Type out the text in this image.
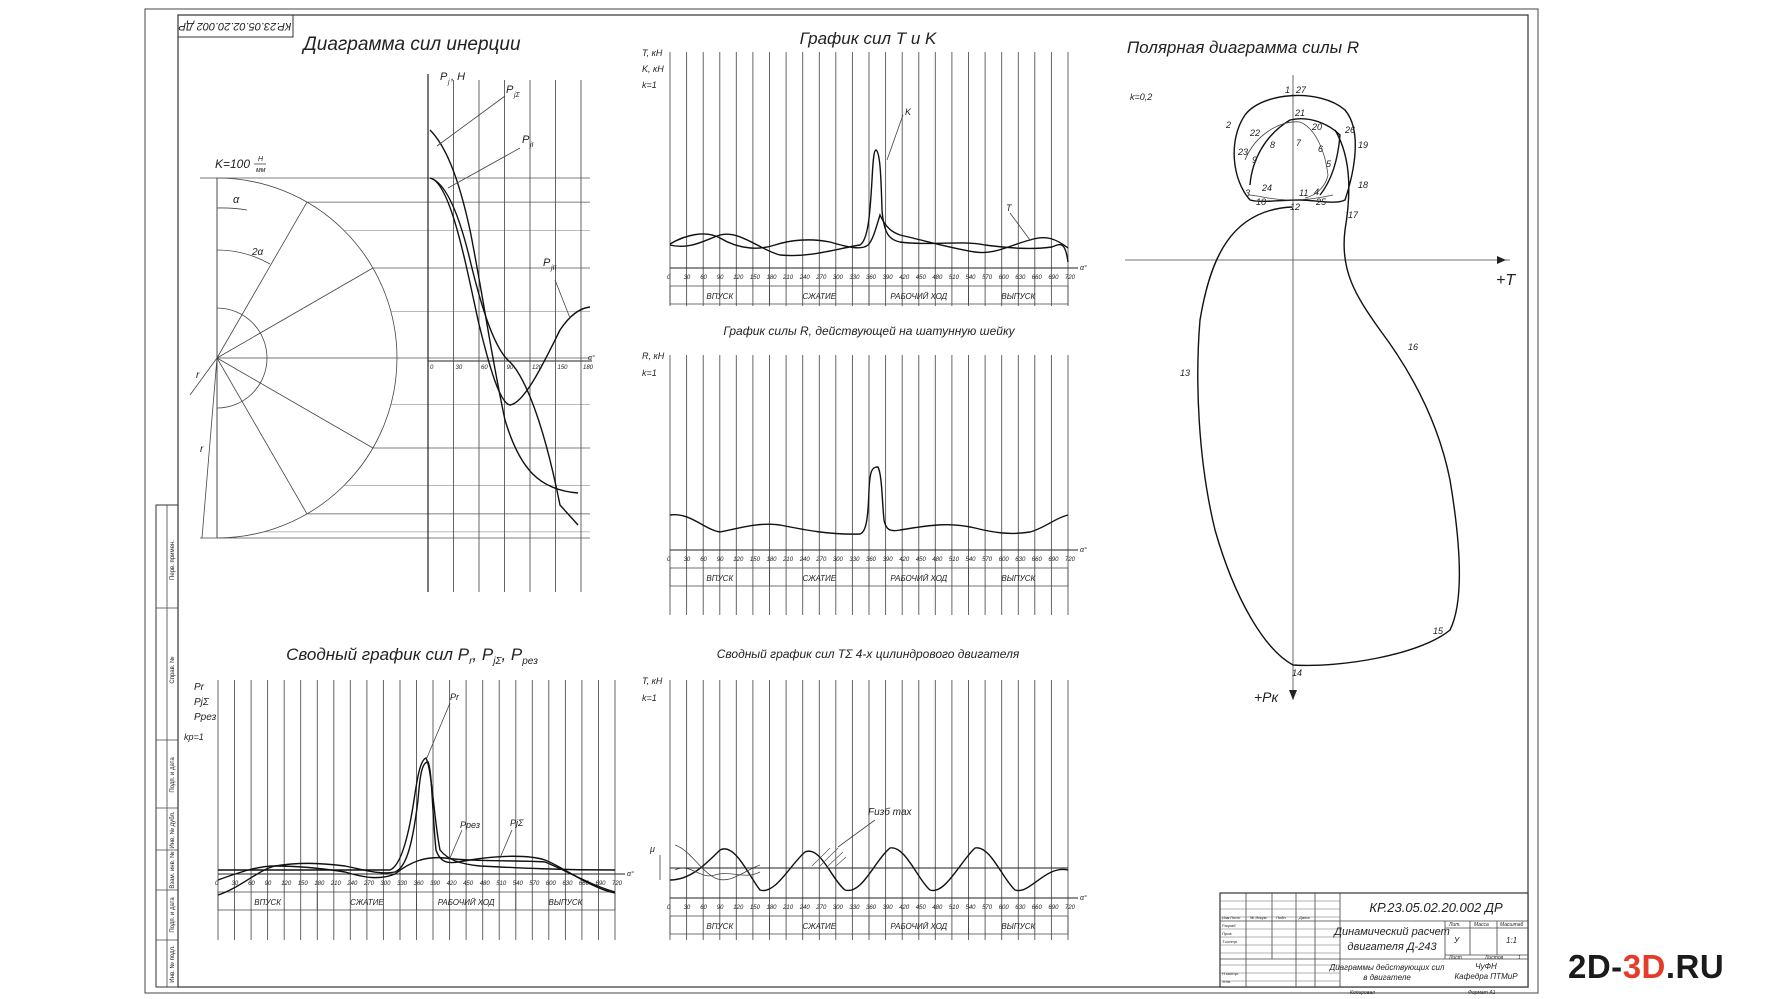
КР.23.05.02.20.002 ДР
Перв. примен.
Справ. №
Подп. и дата
Инв. № дубл.
Взам. инв. №
Подп. и дата
Инв. № подл.
Диаграмма сил инерции
K=100 Н
мм
α
2α
r
r
P j , Н
0	30	60	90	120	150	180
α°
P jΣ
P jI
P jII
График сил T и K
T, кН
K, кН
k=1
0 30 60 90 120 150 180 210 240 270 300 330 360 390 420 450 480 510 540 570 600 630 660 690 720
α°
ВПУСК	СЖАТИЕ	РАБОЧИЙ ХОД	ВЫПУСК
K
T
График силы R, действующей на шатунную шейку
R, кН
k=1
0 30 60 90 120 150 180 210 240 270 300 330 360 390 420 450 480 510 540 570 600 630 660 690 720
α°
ВПУСК	СЖАТИЕ	РАБОЧИЙ ХОД	ВЫПУСК
Сводный график сил $P_r$, $P_{j\Sigma}$, $P_{рез}$
Pr
PjΣ
Pрез
kp=1
0 30 60 90 120 150 180 210 240 270 300 330 360 390 420 450 480 510 540 570 600 630 660 690 720
α°
ВПУСК	СЖАТИЕ	РАБОЧИЙ ХОД	ВЫПУСК
Pr
Pрез	PjΣ
Сводный график сил TΣ 4-х цилиндрового двигателя
T, кН
k=1
0 30 60 90 120 150 180 210 240 270 300 330 360 390 420 450 480 510 540 570 600 630 660 690 720
α°
ВПУСК	СЖАТИЕ	РАБОЧИЙ ХОД	ВЫПУСК
Fизб max
μ
Полярная диаграмма силы R
k=0,2
+T
+Pк
1 27
21
20	26
19
2
22
8 7
6
5
23
9
4
24	11
25
3
10	12
18
17
16
13
15
14
КР.23.05.02.20.002 ДР
Динамический расчет
двигателя Д-243
Диаграммы действующих сил
в двигателе
Лит.	Масса Масштаб
У	1:1
Лист	Листов	1
ЧуФН
Кафедра ПТМиР
Изм Лист № докум. Подп.	Дата
Разраб.
Пров.
Т.контр.
Н.контр.
Утв.
Копировал	Формат А1
2D-3D.RU
